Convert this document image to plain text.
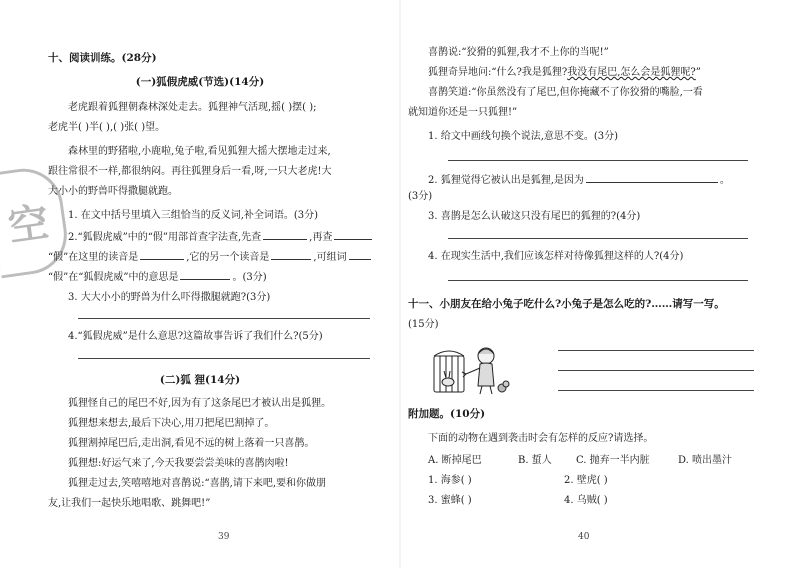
空
十、阅读训练。(28分)
(一)狐假虎威(节选)(14分)
老虎跟着狐狸朝森林深处走去。狐狸神气活现,摇( )摆( );
老虎半( )半( ),( )张( )望。
森林里的野猪啦,小鹿啦,兔子啦,看见狐狸大摇大摆地走过来,
跟往常很不一样,都很纳闷。再往狐狸身后一看,呀,一只大老虎!大
大小小的野兽吓得撒腿就跑。
1. 在文中括号里填入三组恰当的反义词,补全词语。(3分)
2.“狐假虎威”中的“假”用部首查字法查,先查	,再查
“假”在这里的读音是	,它的另一个读音是	,可组词
“假”在“狐假虎威”中的意思是	。(3分)
3. 大大小小的野兽为什么吓得撒腿就跑?(3分)
4.“狐假虎威”是什么意思?这篇故事告诉了我们什么?(5分)
(二)狐 狸(14分)
狐狸怪自己的尾巴不好,因为有了这条尾巴才被认出是狐狸。
狐狸想来想去,最后下决心,用刀把尾巴割掉了。
狐狸割掉尾巴后,走出洞,看见不远的树上落着一只喜鹊。
狐狸想:好运气来了,今天我要尝尝美味的喜鹊肉啦!
狐狸走过去,笑嘻嘻地对喜鹊说:“喜鹊,请下来吧,要和你做朋
友,让我们一起快乐地唱歌、跳舞吧!”
39
喜鹊说:“狡猾的狐狸,我才不上你的当呢!”
狐狸奇异地问:“什么?我是狐狸?我没有尾巴,怎么会是狐狸呢?”
喜鹊笑道:“你虽然没有了尾巴,但你掩藏不了你狡猾的嘴脸,一看
就知道你还是一只狐狸!”
1. 给文中画线句换个说法,意思不变。(3分)
2. 狐狸觉得它被认出是狐狸,是因为	。
(3分)
3. 喜鹊是怎么认破这只没有尾巴的狐狸的?(4分)
4. 在现实生活中,我们应该怎样对待像狐狸这样的人?(4分)
十一、小朋友在给小兔子吃什么?小兔子是怎么吃的?……请写一写。
(15分)
附加题。(10分)
下面的动物在遇到袭击时会有怎样的反应?请选择。
A. 断掉尾巴	B. 蜇人 C. 抛弃一半内脏	D. 喷出墨汁
1. 海参( )	2. 壁虎( )
3. 蜜蜂( )	4. 乌贼( )
40
